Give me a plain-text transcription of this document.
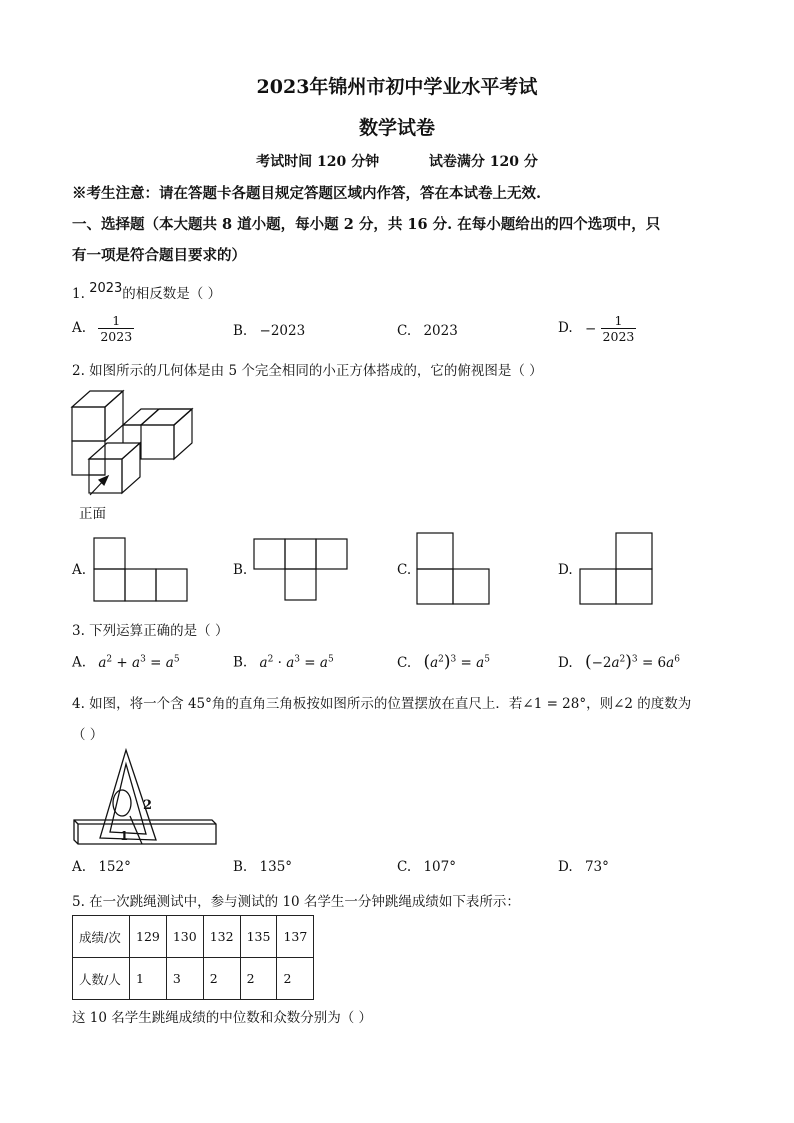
2023年锦州市初中学业水平考试
数学试卷
考试时间 120 分钟	试卷满分 120 分
※考生注意：请在答题卡各题目规定答题区域内作答，答在本试卷上无效.
一、选择题（本大题共 8 道小题，每小题 2 分，共 16 分. 在每小题给出的四个选项中，只
有一项是符合题目要求的）
1. 2023的相反数是（ ）
A. $\frac{1}{2023}$	B. −2023	C. 2023	D. − $\frac{1}{2023}$
2. 如图所示的几何体是由 5 个完全相同的小正方体搭成的，它的俯视图是（ ）
正面
A.	B.	C.	D.
3. 下列运算正确的是（ ）
A. $a^2 + a^3 = a^5$	B. $a^2 \cdot a^3 = a^5$	C. $(a^2)^3 = a^5$	D. $(-2a^2)^3 = 6a^6$
4. 如图，将一个含 45°角的直角三角板按如图所示的位置摆放在直尺上．若∠1 = 28°，则∠2 的度数为
（ ）
2
1
A. 152°	B. 135°	C. 107°	D. 73°
5. 在一次跳绳测试中，参与测试的 10 名学生一分钟跳绳成绩如下表所示：
成绩/次	129	130	132	135	137
人数/人	1	3	2	2	2
这 10 名学生跳绳成绩的中位数和众数分别为（ ）
